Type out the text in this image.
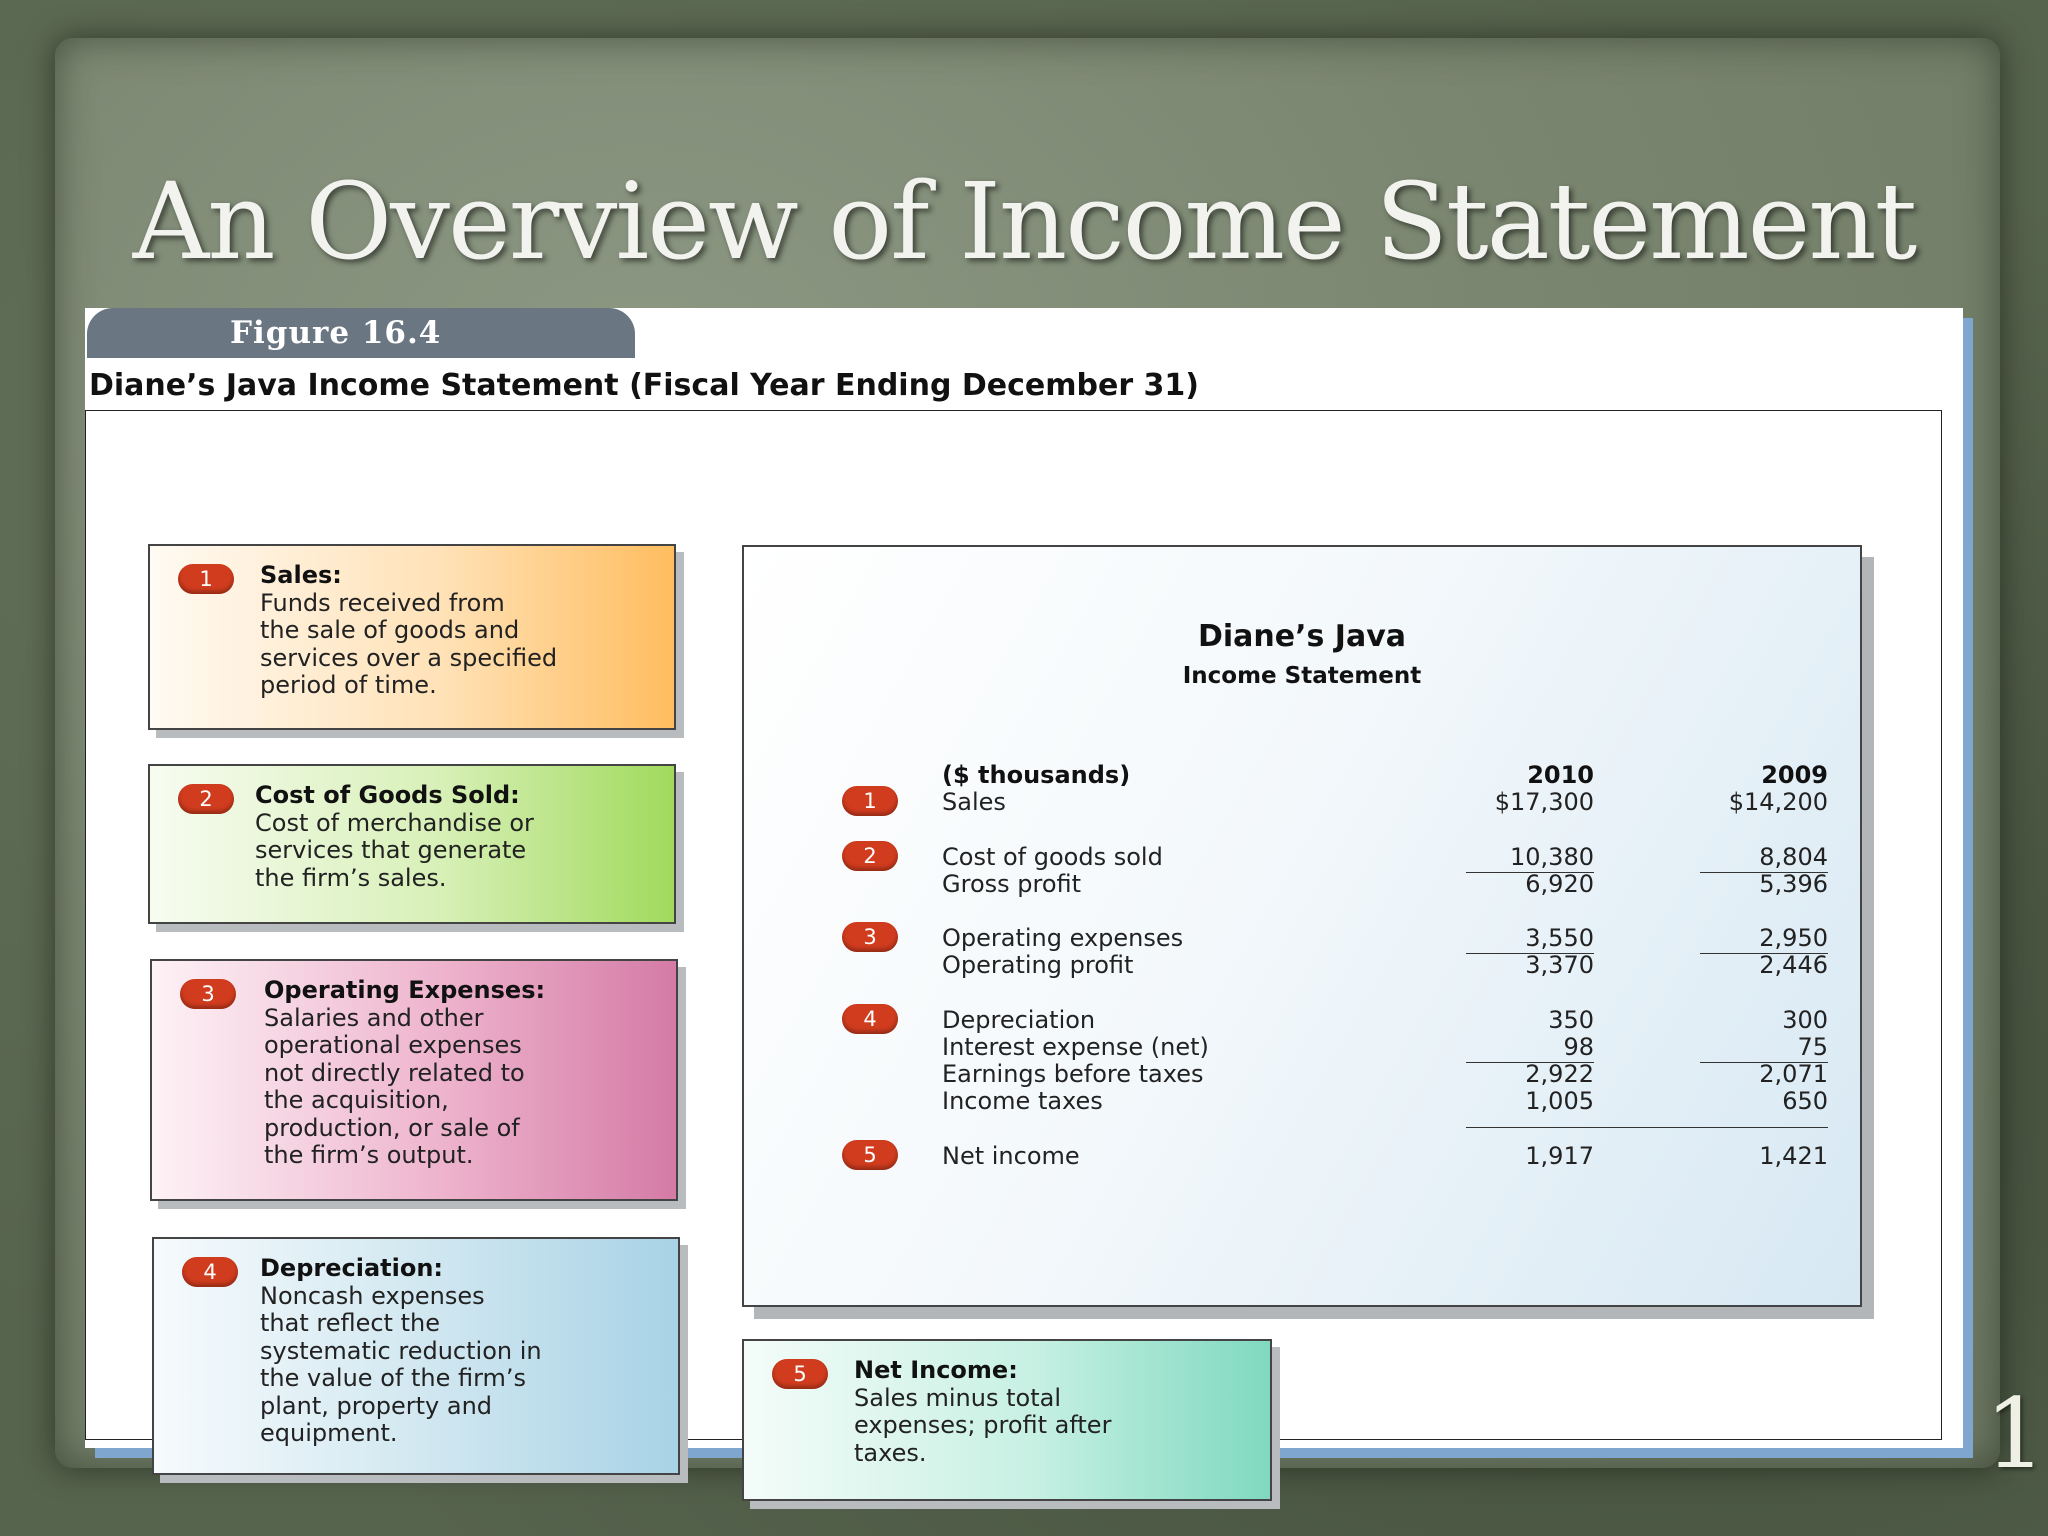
An Overview of Income Statement
Figure 16.4
Diane’s Java Income Statement (Fiscal Year Ending December 31)
1	Sales:
Funds received from
the sale of goods and
services over a specified
period of time.
2	Cost of Goods Sold:
Cost of merchandise or
services that generate
the firm’s sales.
3	Operating Expenses:
Salaries and other
operational expenses
not directly related to
the acquisition,
production, or sale of
the firm’s output.
4	Depreciation:
Noncash expenses
that reflect the
systematic reduction in
the value of the firm’s
plant, property and
equipment.
5	Net Income:
Sales minus total
expenses; profit after
taxes.
Diane’s Java
Income Statement
($ thousands)	2010	2009
1	Sales	$17,300	$14,200
2	Cost of goods sold	10,380	8,804
Gross profit	6,920	5,396
3	Operating expenses	3,550	2,950
Operating profit	3,370	2,446
4	Depreciation	350	300
Interest expense (net)	98	75
Earnings before taxes	2,922	2,071
Income taxes	1,005	650
5	Net income	1,917	1,421
1
